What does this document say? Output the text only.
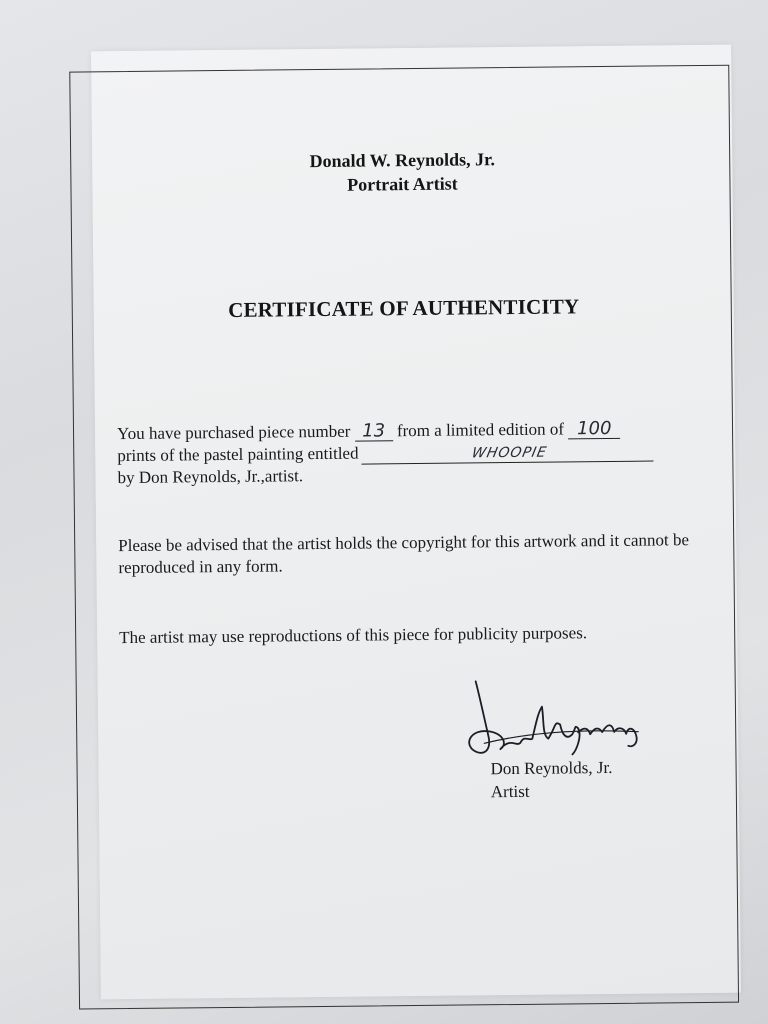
Donald W. Reynolds, Jr.
Portrait Artist
CERTIFICATE OF AUTHENTICITY
You have purchased piece number 13 from a limited edition of 100
prints of the pastel painting entitled	WHOOPIE
by Don Reynolds, Jr.,artist.
Please be advised that the artist holds the copyright for this artwork and it cannot be reproduced in any form.
The artist may use reproductions of this piece for publicity purposes.
Don Reynolds, Jr.
Artist
